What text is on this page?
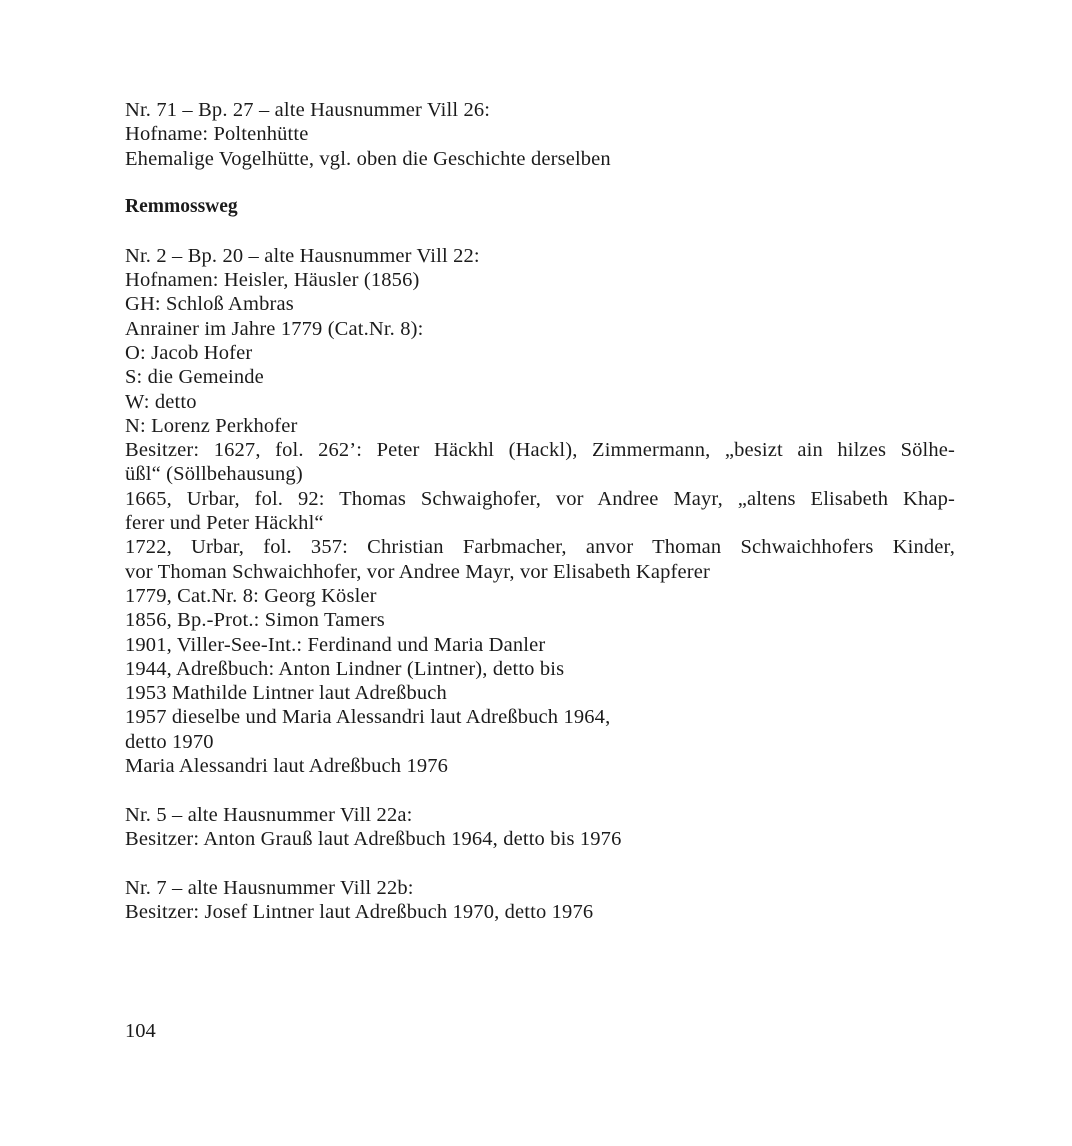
Nr. 71 – Bp. 27 – alte Hausnummer Vill 26:
Hofname: Poltenhütte
Ehemalige Vogelhütte, vgl. oben die Geschichte derselben
Remmossweg
Nr. 2 – Bp. 20 – alte Hausnummer Vill 22:
Hofnamen: Heisler, Häusler (1856)
GH: Schloß Ambras
Anrainer im Jahre 1779 (Cat.Nr. 8):
O: Jacob Hofer
S: die Gemeinde
W: detto
N: Lorenz Perkhofer
Besitzer: 1627, fol. 262’: Peter Häckhl (Hackl), Zimmermann, „besizt ain hilzes Sölhe-
üßl“ (Söllbehausung)
1665, Urbar, fol. 92: Thomas Schwaighofer, vor Andree Mayr, „altens Elisabeth Khap-
ferer und Peter Häckhl“
1722, Urbar, fol. 357: Christian Farbmacher, anvor Thoman Schwaichhofers Kinder,
vor Thoman Schwaichhofer, vor Andree Mayr, vor Elisabeth Kapferer
1779, Cat.Nr. 8: Georg Kösler
1856, Bp.-Prot.: Simon Tamers
1901, Viller-See-Int.: Ferdinand und Maria Danler
1944, Adreßbuch: Anton Lindner (Lintner), detto bis
1953 Mathilde Lintner laut Adreßbuch
1957 dieselbe und Maria Alessandri laut Adreßbuch 1964,
detto 1970
Maria Alessandri laut Adreßbuch 1976
Nr. 5 – alte Hausnummer Vill 22a:
Besitzer: Anton Grauß laut Adreßbuch 1964, detto bis 1976
Nr. 7 – alte Hausnummer Vill 22b:
Besitzer: Josef Lintner laut Adreßbuch 1970, detto 1976
104
